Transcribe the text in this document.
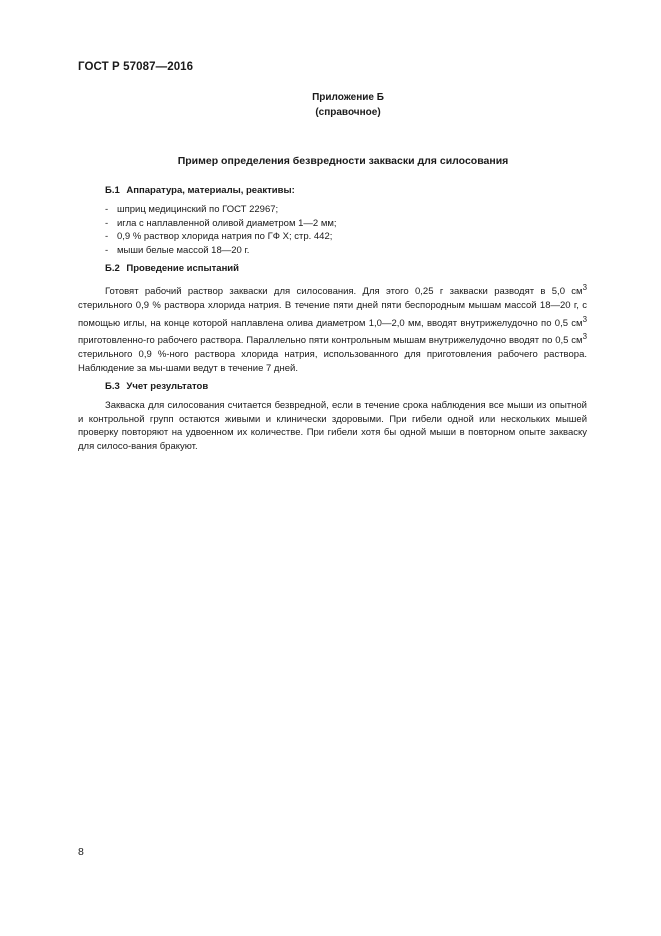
ГОСТ Р 57087—2016
Приложение Б
(справочное)
Пример определения безвредности закваски для силосования
Б.1 Аппаратура, материалы, реактивы:
- шприц медицинский по ГОСТ 22967;
- игла с наплавленной оливой диаметром 1—2 мм;
- 0,9 % раствор хлорида натрия по ГФ X; стр. 442;
- мыши белые массой 18—20 г.
Б.2 Проведение испытаний
Готовят рабочий раствор закваски для силосования. Для этого 0,25 г закваски разводят в 5,0 $см^3$ стерильного 0,9 % раствора хлорида натрия. В течение пяти дней пяти беспородным мышам массой 18—20 г, с помощью иглы, на конце которой наплавлена олива диаметром 1,0—2,0 мм, вводят внутрижелудочно по 0,5 $см^3$ приготовленно-го рабочего раствора. Параллельно пяти контрольным мышам внутрижелудочно вводят по 0,5 $см^3$ стерильного 0,9 %-ного раствора хлорида натрия, использованного для приготовления рабочего раствора. Наблюдение за мы-шами ведут в течение 7 дней.
Б.3 Учет результатов
Закваска для силосования считается безвредной, если в течение срока наблюдения все мыши из опытной и контрольной групп остаются живыми и клинически здоровыми. При гибели одной или нескольких мышей проверку повторяют на удвоенном их количестве. При гибели хотя бы одной мыши в повторном опыте закваску для силосо-вания бракуют.
8
